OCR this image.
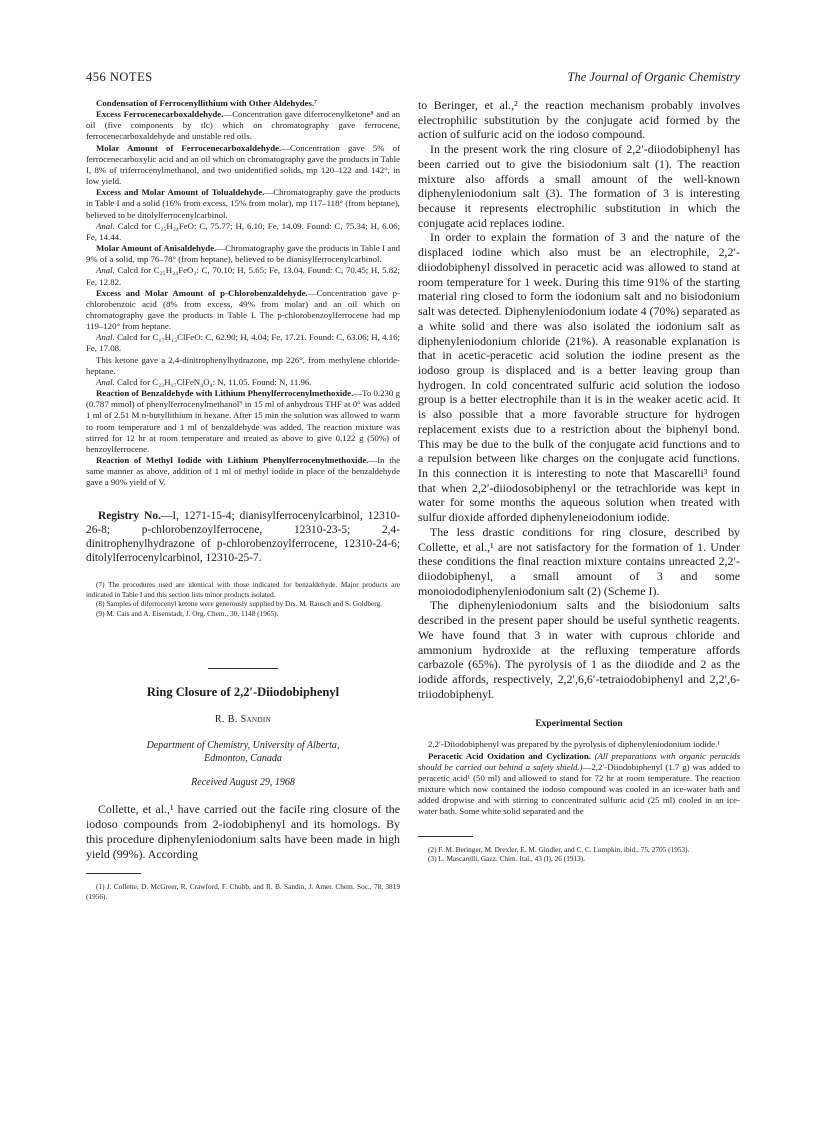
456 NOTES	The Journal of Organic Chemistry

Condensation of Ferrocenyllithium with Other Aldehydes.⁷

Excess Ferrocenecarboxaldehyde.—Concentration gave diferrocenylketone⁸ and an oil (five components by tlc) which on chromatography gave ferrocene, ferrocenecarboxaldehyde and unstable red oils.

Molar Amount of Ferrocenecarboxaldehyde.—Concentration gave 5% of ferrocenecarboxylic acid and an oil which on chromatography gave the products in Table I, 8% of triferrocenylmethanol, and two unidentified solids, mp 120–122 and 142°, in low yield.

Excess and Molar Amount of Tolualdehyde.—Chromatography gave the products in Table I and a solid (16% from excess, 15% from molar), mp 117–118° (from heptane), believed to be ditolylferrocenylcarbinol.

Anal. Calcd for C₂₅H₂₄FeO: C, 75.77; H, 6.10; Fe, 14.09. Found: C, 75.34; H, 6.06; Fe, 14.44.

Molar Amount of Anisaldehyde.—Chromatography gave the products in Table I and 9% of a solid, mp 76–78° (from heptane), believed to be dianisylferrocenylcarbinol.

Anal. Calcd for C₂₅H₂₄FeO₃: C, 70.10; H, 5.65; Fe, 13.04. Found: C, 70.45; H, 5.82; Fe, 12.82.

Excess and Molar Amount of p-Chlorobenzaldehyde.—Concentration gave p-chlorobenzoic acid (8% from excess, 49% from molar) and an oil which on chromatography gave the products in Table I. The p-chlorobenzoylferrocene had mp 119–120° from heptane.

Anal. Calcd for C₁₇H₁₃ClFeO: C, 62.90; H, 4.04; Fe, 17.21. Found: C, 63.06; H, 4.16; Fe, 17.08.

This ketone gave a 2,4-dinitrophenylhydrazone, mp 226°, from methylene chloride-heptane.

Anal. Calcd for C₂₃H₁₇ClFeN₄O₄: N, 11.05. Found: N, 11.96.

Reaction of Benzaldehyde with Lithium Phenylferrocenylmethoxide.—To 0.230 g (0.787 mmol) of phenylferrocenylmethanol⁹ in 15 ml of anhydrous THF at 0° was added 1 ml of 2.51 M n-butyllithium in hexane. After 15 min the solution was allowed to warm to room temperature and 1 ml of benzaldehyde was added. The reaction mixture was stirred for 12 hr at room temperature and treated as above to give 0.122 g (50%) of benzoylferrocene.

Reaction of Methyl Iodide with Lithium Phenylferrocenylmethoxide.—In the same manner as above, addition of 1 ml of methyl iodide in place of the benzaldehyde gave a 90% yield of V.

Registry No.—I, 1271-15-4; dianisylferrocenylcarbinol, 12310-26-8; p-chlorobenzoylferrocene, 12310-23-5; 2,4-dinitrophenylhydrazone of p-chlorobenzoylferrocene, 12310-24-6; ditolylferrocenylcarbinol, 12310-25-7.

(7) The procedures used are identical with those indicated for benzaldehyde. Major products are indicated in Table I and this section lists minor products isolated.

(8) Samples of diferrocenyl ketone were generously supplied by Drs. M. Rausch and S. Goldberg.

(9) M. Cais and A. Eisenstadt, J. Org. Chem., 30, 1148 (1965).

Ring Closure of 2,2′-Diiodobiphenyl
R. B. Sandin
Department of Chemistry, University of Alberta,
Edmonton, Canada
Received August 29, 1968

Collette, et al.,¹ have carried out the facile ring closure of the iodoso compounds from 2-iodobiphenyl and its homologs. By this procedure diphenyleniodonium salts have been made in high yield (99%). According

(1) J. Collette, D. McGreer, R. Crawford, F. Chubb, and R. B. Sandin, J. Amer. Chem. Soc., 78, 3819 (1956).

to Beringer, et al.,² the reaction mechanism probably involves electrophilic substitution by the conjugate acid formed by the action of sulfuric acid on the iodoso compound.

In the present work the ring closure of 2,2′-diiodobiphenyl has been carried out to give the bisiodonium salt (1). The reaction mixture also affords a small amount of the well-known diphenyleniodonium salt (3). The formation of 3 is interesting because it represents electrophilic substitution in which the conjugate acid replaces iodine.

In order to explain the formation of 3 and the nature of the displaced iodine which also must be an electrophile, 2,2′-diiodobiphenyl dissolved in peracetic acid was allowed to stand at room temperature for 1 week. During this time 91% of the starting material ring closed to form the iodonium salt and no bisiodonium salt was detected. Diphenyleniodonium iodate 4 (70%) separated as a white solid and there was also isolated the iodonium salt as diphenyleniodonium chloride (21%). A reasonable explanation is that in acetic-peracetic acid solution the iodine present as the iodoso group is displaced and is a better leaving group than hydrogen. In cold concentrated sulfuric acid solution the iodoso group is a better electrophile than it is in the weaker acetic acid. It is also possible that a more favorable structure for hydrogen replacement exists due to a restriction about the biphenyl bond. This may be due to the bulk of the conjugate acid functions and to a repulsion between like charges on the conjugate acid functions. In this connection it is interesting to note that Mascarelli³ found that when 2,2′-diiodosobiphenyl or the tetrachloride was kept in water for some months the aqueous solution when treated with sulfur dioxide afforded diphenyleneiodonium iodide.

The less drastic conditions for ring closure, described by Collette, et al.,¹ are not satisfactory for the formation of 1. Under these conditions the final reaction mixture contains unreacted 2,2′-diiodobiphenyl, a small amount of 3 and some monoiododiphenyleniodonium salt (2) (Scheme I).

The diphenyleniodonium salts and the bisiodonium salts described in the present paper should be useful synthetic reagents. We have found that 3 in water with cuprous chloride and ammonium hydroxide at the refluxing temperature affords carbazole (65%). The pyrolysis of 1 as the diiodide and 2 as the iodide affords, respectively, 2,2′,6,6′-tetraiodobiphenyl and 2,2′,6-triiodobiphenyl.

Experimental Section

2,2′-Diiodobiphenyl was prepared by the pyrolysis of diphenyleniodonium iodide.¹

Peracetic Acid Oxidation and Cyclization. (All preparations with organic peracids should be carried out behind a safety shield.)—2,2′-Diiodobiphenyl (1.7 g) was added to peracetic acid¹ (50 ml) and allowed to stand for 72 hr at room temperature. The reaction mixture which now contained the iodoso compound was cooled in an ice-water bath and added dropwise and with stirring to concentrated sulfuric acid (25 ml) cooled in an ice-water bath. Some white solid separated and the

(2) F. M. Beringer, M. Drexler, E. M. Gindler, and C. C. Lumpkin, ibid., 75, 2705 (1953).

(3) L. Mascarelli, Gazz. Chim. Ital., 43 (I), 26 (1913).
